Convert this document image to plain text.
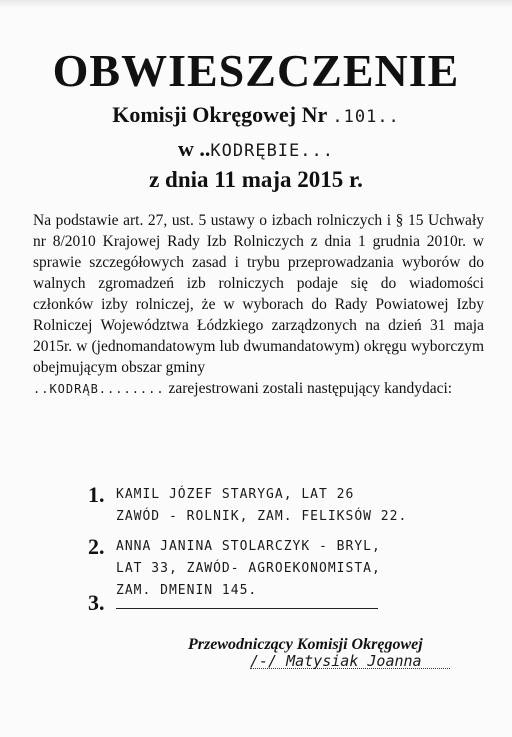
OBWIESZCZENIE
Komisji Okręgowej Nr .101..
w ..KODRĘBIE...
z dnia 11 maja 2015 r.

Na podstawie art. 27, ust. 5 ustawy o izbach rolniczych i § 15 Uchwały nr 8/2010 Krajowej Rady Izb Rolniczych z dnia 1 grudnia 2010r. w sprawie szczegółowych zasad i trybu przeprowadzania wyborów do walnych zgromadzeń izb rolniczych podaje się do wiadomości członków izby rolniczej, że w wyborach do Rady Powiatowej Izby Rolniczej Województwa Łódzkiego zarządzonych na dzień 31 maja 2015r. w (jednomandatowym lub dwumandatowym) okręgu wyborczym obejmującym obszar gminy
..KODRĄB........ zarejestrowani zostali następujący kandydaci:

1. KAMIL JÓZEF STARYGA, LAT 26
ZAWÓD - ROLNIK, ZAM. FELIKSÓW 22.
2. ANNA JANINA STOLARCZYK - BRYL,
LAT 33, ZAWÓD- AGROEKONOMISTA,
ZAM. DMENIN 145.
3.
Przewodniczący Komisji Okręgowej
/-/ Matysiak Joanna
